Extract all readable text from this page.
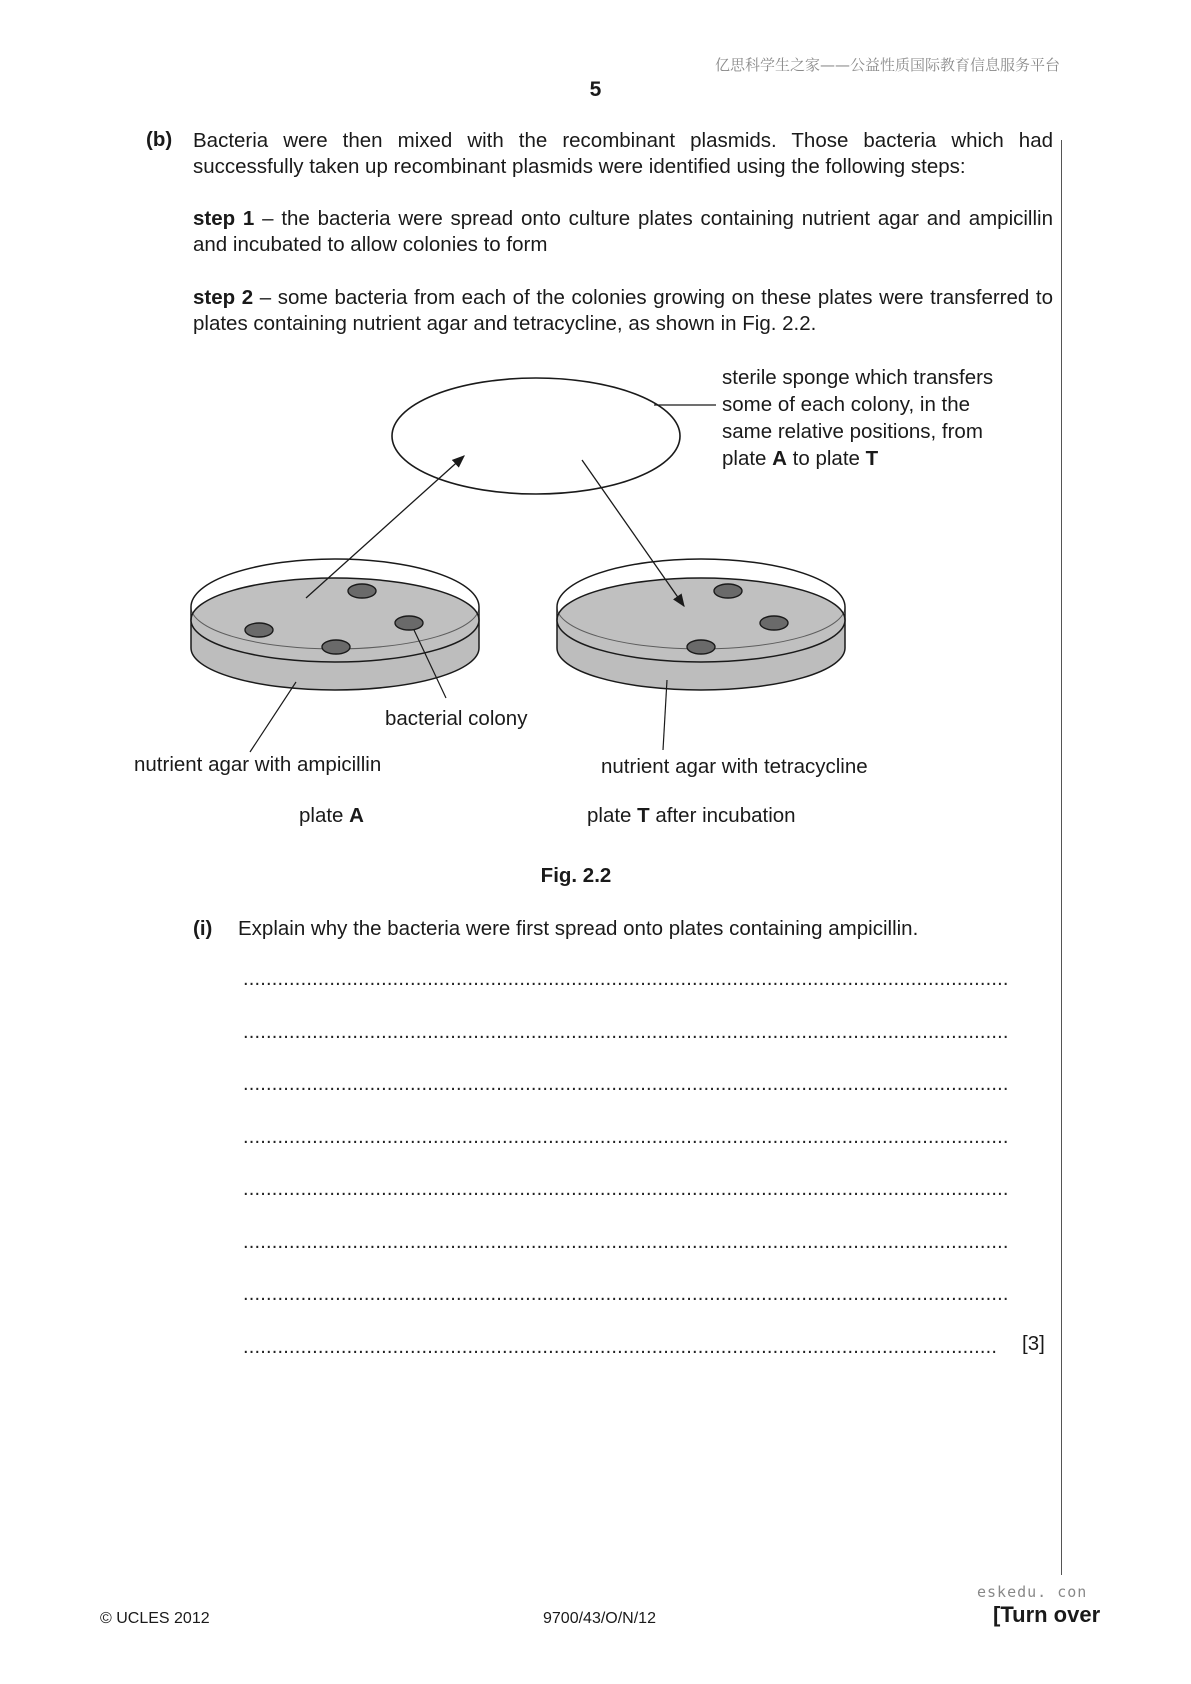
亿思科学生之家——公益性质国际教育信息服务平台
5
(b) Bacteria were then mixed with the recombinant plasmids. Those bacteria which had successfully taken up recombinant plasmids were identified using the following steps:
step 1 – the bacteria were spread onto culture plates containing nutrient agar and ampicillin and incubated to allow colonies to form
step 2 – some bacteria from each of the colonies growing on these plates were transferred to plates containing nutrient agar and tetracycline, as shown in Fig. 2.2.
sterile sponge which transfers
some of each colony, in the
same relative positions, from
plate A to plate T
bacterial colony
nutrient agar with ampicillin	nutrient agar with tetracycline
plate A	plate T after incubation
Fig. 2.2
(i) Explain why the bacteria were first spread onto plates containing ampicillin.
.....................................................................................................................................
.....................................................................................................................................
.....................................................................................................................................
.....................................................................................................................................
.....................................................................................................................................
.....................................................................................................................................
.....................................................................................................................................
...................................................................................................................................	[3]
eskedu. con
© UCLES 2012	9700/43/O/N/12	[Turn over
